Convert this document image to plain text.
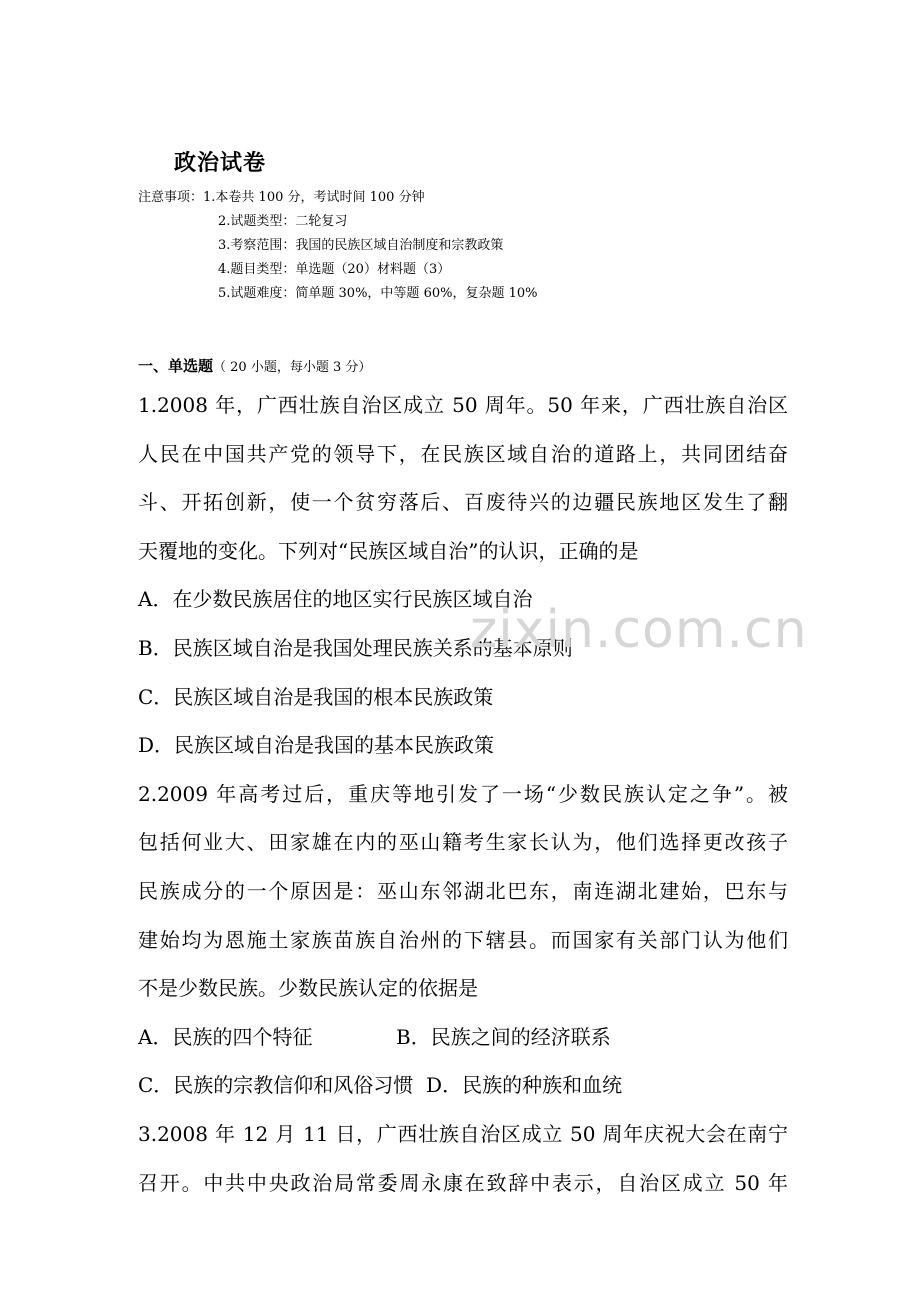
政治试卷
注意事项：1.本卷共 100 分，考试时间 100 分钟
2.试题类型：二轮复习
3.考察范围：我国的民族区域自治制度和宗教政策
4.题目类型：单选题（20）材料题（3）
5.试题难度：简单题 30%，中等题 60%，复杂题 10%
一、单选题（ 20 小题，每小题 3 分）
1.2008 年，广西壮族自治区成立 50 周年。50 年来，广西壮族自治区
人民在中国共产党的领导下，在民族区域自治的道路上，共同团结奋
斗、开拓创新，使一个贫穷落后、百废待兴的边疆民族地区发生了翻
天覆地的变化。下列对“民族区域自治”的认识，正确的是
A．在少数民族居住的地区实行民族区域自治
B．民族区域自治是我国处理民族关系的基本原则
C．民族区域自治是我国的根本民族政策
D．民族区域自治是我国的基本民族政策
2.2009 年高考过后，重庆等地引发了一场“少数民族认定之争”。被
包括何业大、田家雄在内的巫山籍考生家长认为，他们选择更改孩子
民族成分的一个原因是：巫山东邻湖北巴东，南连湖北建始，巴东与
建始均为恩施土家族苗族自治州的下辖县。而国家有关部门认为他们
不是少数民族。少数民族认定的依据是
A．民族的四个特征	B．民族之间的经济联系
C．民族的宗教信仰和风俗习惯 D．民族的种族和血统
3.2008 年 12 月 11 日，广西壮族自治区成立 50 周年庆祝大会在南宁
召开。中共中央政治局常委周永康在致辞中表示，自治区成立 50 年
zixin.com.cn
